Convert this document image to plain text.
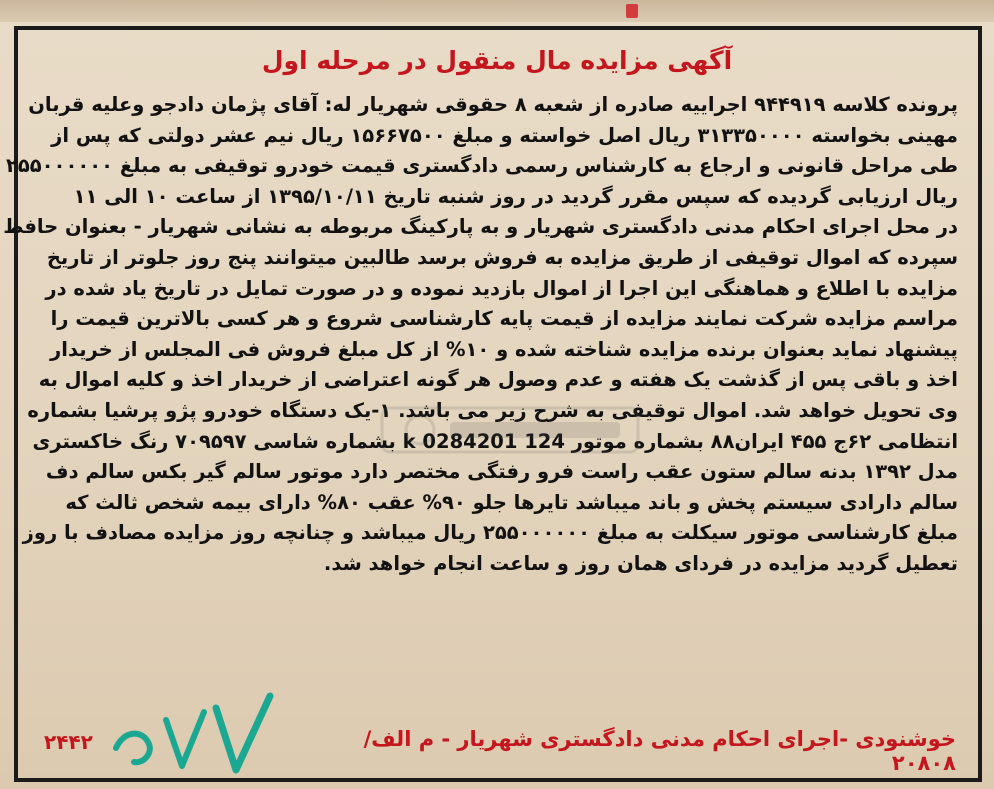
آگهی مزایده مال منقول در مرحله اول
پرونده کلاسه ۹۴۴۹۱۹ اجراییه صادره از شعبه ۸ حقوقی شهریار له: آقای پژمان دادجو وعلیه قربان
مهینی بخواسته ۳۱۳۳۵۰۰۰۰ ریال اصل خواسته و مبلغ ۱۵۶۶۷۵۰۰ ریال نیم عشر دولتی که پس از
طی مراحل قانونی و ارجاع به کارشناس رسمی دادگستری قیمت خودرو توقیفی به مبلغ ۲۵۵۰۰۰۰۰۰
ریال ارزیابی گردیده که سپس مقرر گردید در روز شنبه تاریخ ۱۳۹۵/۱۰/۱۱ از ساعت ۱۰ الی ۱۱
در محل اجرای احکام مدنی دادگستری شهریار و به پارکینگ مربوطه به نشانی شهریار - بعنوان حافظ
سپرده که اموال توقیفی از طریق مزایده به فروش برسد طالبین میتوانند پنج روز جلوتر از تاریخ
مزایده با اطلاع و هماهنگی این اجرا از اموال بازدید نموده و در صورت تمایل در تاریخ یاد شده در
مراسم مزایده شرکت نمایند مزایده از قیمت پایه کارشناسی شروع و هر کسی بالاترین قیمت را
پیشنهاد نماید بعنوان برنده مزایده شناخته شده و ۱۰% از کل مبلغ فروش فی المجلس از خریدار
اخذ و باقی پس از گذشت یک هفته و عدم وصول هر گونه اعتراضی از خریدار اخذ و کلیه اموال به
وی تحویل خواهد شد. اموال توقیفی به شرح زیر می باشد. ۱-یک دستگاه خودرو پژو پرشیا بشماره
انتظامی ۶۲ج ۴۵۵ ایران۸۸ بشماره موتور 124 k 0284201 بشماره شاسی ۷۰۹۵۹۷ رنگ خاکستری
مدل ۱۳۹۲ بدنه سالم ستون عقب راست فرو رفتگی مختصر دارد موتور سالم گیر بکس سالم دف
سالم دارادی سیستم پخش و باند میباشد تایرها جلو ۹۰% عقب ۸۰% دارای بیمه شخص ثالث که
مبلغ کارشناسی موتور سیکلت به مبلغ ۲۵۵۰۰۰۰۰۰ ریال میباشد و چنانچه روز مزایده مصادف با روز
تعطیل گردید مزایده در فردای همان روز و ساعت انجام خواهد شد.
۲۴۴۲	خوشنودی -اجرای احکام مدنی دادگستری شهریار - م الف/۲۰۸۰۸
